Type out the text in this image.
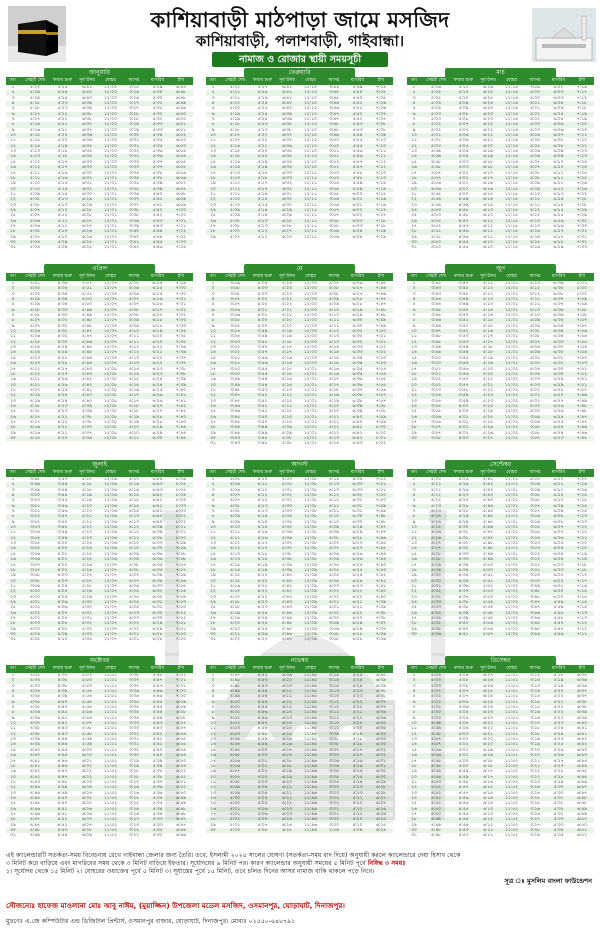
কাশিয়াবাড়ী মাঠপাড়া জামে মসজিদ
কাশিয়াবাড়ী, পলাশবাড়ী, গাইবান্ধা।
নামাজ ও রোজার স্থায়ী সময়সূচী
জানুয়ারি
তাং	সেহরী শেষ	ফজর শুরু	সূর্য উদয়	যোহর	আসর	মাগরিব	ইশা
১	৫:২০	৫:২৫	৬:৪১	১২:০০	৩:২৫	৫:২৯	৬:৪৭
২	৫:১৯	৫:২৪	৬:৪০	১২:০০	৩:২৬	৫:৩০	৬:৪৮
৩	৫:১৯	৫:২৪	৬:৪০	১২:০০	৩:২৬	৫:৩০	৬:৪৮
৪	৫:১৮	৫:২৩	৬:৩৯	১২:০০	৩:২৭	৫:৩১	৬:৪৯
৫	৫:১৮	৫:২৩	৬:৩৯	১২:০০	৩:২৭	৫:৩১	৬:৪৯
৬	৫:১৭	৫:২২	৬:৩৮	১২:০০	৩:২৮	৫:৩২	৬:৫০
৭	৫:১৭	৫:২২	৬:৩৮	১২:০০	৩:২৮	৫:৩২	৬:৫০
৮	৫:১৬	৫:২১	৬:৩৭	১২:০০	৩:২৯	৫:৩৩	৬:৫১
৯	৫:১৬	৫:২১	৬:৩৭	১২:০০	৩:২৯	৫:৩৩	৬:৫১
১০	৫:১৫	৫:২০	৬:৩৬	১২:০০	৩:৩০	৫:৩৪	৬:৫২
১১	৫:১৫	৫:২০	৬:৩৬	১২:০০	৩:৩১	৫:৩৫	৬:৫৩
১২	৫:১৪	৫:১৯	৬:৩৫	১২:০০	৩:৩১	৫:৩৫	৬:৫৩
১৩	৫:১৩	৫:১৮	৬:৩৪	১২:০০	৩:৩২	৫:৩৬	৬:৫৪
১৪	৫:১৩	৫:১৮	৬:৩৪	১২:০০	৩:৩২	৫:৩৬	৬:৫৪
১৫	৫:১২	৫:১৭	৬:৩৩	১২:০০	৩:৩৩	৫:৩৭	৬:৫৫
১৬	৫:১২	৫:১৭	৬:৩৩	১২:০০	৩:৩৩	৫:৩৭	৬:৫৫
১৭	৫:১১	৫:১৬	৬:৩২	১২:০১	৩:৩৪	৫:৩৮	৬:৫৬
১৮	৫:১১	৫:১৬	৬:৩২	১২:০১	৩:৩৪	৫:৩৮	৬:৫৬
১৯	৫:১০	৫:১৫	৬:৩১	১২:০১	৩:৩৫	৫:৩৯	৬:৫৭
২০	৫:১০	৫:১৫	৬:৩১	১২:০১	৩:৩৫	৫:৩৯	৬:৫৭
২১	৫:০৯	৫:১৪	৬:৩০	১২:০১	৩:৩৬	৫:৪০	৬:৫৮
২২	৫:০৮	৫:১৩	৬:২৯	১২:০১	৩:৩৭	৫:৪১	৬:৫৯
২৩	৫:০৮	৫:১৩	৬:২৯	১২:০১	৩:৩৭	৫:৪১	৬:৫৯
২৪	৫:০৭	৫:১২	৬:২৮	১২:০১	৩:৩৮	৫:৪২	৭:০০
২৫	৫:০৭	৫:১২	৬:২৮	১২:০১	৩:৩৮	৫:৪২	৭:০০
২৬	৫:০৬	৫:১১	৬:২৭	১২:০১	৩:৩৯	৫:৪৩	৭:০১
২৭	৫:০৬	৫:১১	৬:২৭	১২:০১	৩:৩৯	৫:৪৩	৭:০১
২৮	৫:০৫	৫:১০	৬:২৬	১২:০১	৩:৪০	৫:৪৪	৭:০২
২৯	৫:০৫	৫:১০	৬:২৬	১২:০১	৩:৪০	৫:৪৪	৭:০২
৩০	৫:০৪	৫:০৯	৬:২৫	১২:০১	৩:৪১	৫:৪৫	৭:০৩
৩১	৫:০৪	৫:০৯	৬:২৫	১২:০১	৩:৪২	৫:৪৬	৭:০৪
ফেব্রুয়ারি
তাং	সেহরী শেষ	ফজর শুরু	সূর্য উদয়	যোহর	আসর	মাগরিব	ইশা
১	৫:২২	৫:২৭	৬:৪২	১২:১০	৩:৪৪	৫:৪৯	৭:০৪
২	৫:২১	৫:২৬	৬:৪১	১২:১০	৩:৪৫	৫:৫০	৭:০৫
৩	৫:২১	৫:২৬	৬:৪১	১২:১০	৩:৪৫	৫:৫০	৭:০৫
৪	৫:২০	৫:২৫	৬:৪০	১২:১০	৩:৪৬	৫:৫১	৭:০৬
৫	৫:২০	৫:২৫	৬:৪০	১২:১০	৩:৪৬	৫:৫১	৭:০৬
৬	৫:১৯	৫:২৪	৬:৩৯	১২:১০	৩:৪৭	৫:৫২	৭:০৭
৭	৫:১৯	৫:২৪	৬:৩৯	১২:১০	৩:৪৭	৫:৫২	৭:০৭
৮	৫:১৮	৫:২৩	৬:৩৮	১২:১০	৩:৪৮	৫:৫৩	৭:০৮
৯	৫:১৮	৫:২৩	৬:৩৮	১২:১০	৩:৪৮	৫:৫৩	৭:০৮
১০	৫:১৭	৫:২২	৬:৩৭	১২:১০	৩:৪৯	৫:৫৪	৭:০৯
১১	৫:১৭	৫:২২	৬:৩৭	১২:১০	৩:৫০	৫:৫৫	৭:১০
১২	৫:১৬	৫:২১	৬:৩৬	১২:১০	৩:৫০	৫:৫৫	৭:১০
১৩	৫:১৫	৫:২০	৬:৩৫	১২:১০	৩:৫১	৫:৫৬	৭:১১
১৪	৫:১৫	৫:২০	৬:৩৫	১২:১০	৩:৫১	৫:৫৬	৭:১১
১৫	৫:১৪	৫:১৯	৬:৩৪	১২:১০	৩:৫২	৫:৫৭	৭:১২
১৬	৫:১৪	৫:১৯	৬:৩৪	১২:১০	৩:৫২	৫:৫৭	৭:১২
১৭	৫:১৩	৫:১৮	৬:৩৩	১২:১১	৩:৫৩	৫:৫৮	৭:১৩
১৮	৫:১৩	৫:১৮	৬:৩৩	১২:১১	৩:৫৩	৫:৫৮	৭:১৩
১৯	৫:১২	৫:১৭	৬:৩২	১২:১১	৩:৫৪	৫:৫৯	৭:১৪
২০	৫:১২	৫:১৭	৬:৩২	১২:১১	৩:৫৪	৫:৫৯	৭:১৪
২১	৫:১১	৫:১৬	৬:৩১	১২:১১	৩:৫৫	৬:০০	৭:১৫
২২	৫:১০	৫:১৫	৬:৩০	১২:১১	৩:৫৬	৬:০১	৭:১৬
২৩	৫:১০	৫:১৫	৬:৩০	১২:১১	৩:৫৬	৬:০১	৭:১৬
২৪	৫:০৯	৫:১৪	৬:২৯	১২:১১	৩:৫৭	৬:০২	৭:১৭
২৫	৫:০৯	৫:১৪	৬:২৯	১২:১১	৩:৫৭	৬:০২	৭:১৭
২৬	৫:০৮	৫:১৩	৬:২৮	১২:১১	৩:৫৮	৬:০৩	৭:১৮
২৭	৫:০৮	৫:১৩	৬:২৮	১২:১১	৩:৫৮	৬:০৩	৭:১৮
২৮	৫:০৭	৫:১২	৬:২৭	১২:১১	৩:৫৯	৬:০৪	৭:১৯
২৯	৫:০৭	৫:১২	৬:২৭	১২:১১	৩:৫৯	৬:০৪	৭:১৯
মার্চ
তাং	সেহরী শেষ	ফজর শুরু	সূর্য উদয়	যোহর	আসর	মাগরিব	ইশা
১	৫:০৬	৫:১১	৬:২৬	১২:১৪	৩:৫৯	৬:০২	৭:১৬
২	৫:০৫	৫:১০	৬:২৫	১২:১৪	৪:০০	৬:০৩	৭:১৭
৩	৫:০৫	৫:১০	৬:২৫	১২:১৪	৪:০০	৬:০৩	৭:১৭
৪	৫:০৪	৫:০৯	৬:২৪	১২:১৪	৪:০১	৬:০৪	৭:১৮
৫	৫:০৪	৫:০৯	৬:২৪	১২:১৪	৪:০১	৬:০৪	৭:১৮
৬	৫:০৩	৫:০৮	৬:২৩	১২:১৪	৪:০২	৬:০৫	৭:১৯
৭	৫:০৩	৫:০৮	৬:২৩	১২:১৪	৪:০২	৬:০৫	৭:১৯
৮	৫:০২	৫:০৭	৬:২২	১২:১৪	৪:০৩	৬:০৬	৭:২০
৯	৫:০২	৫:০৭	৬:২২	১২:১৪	৪:০৩	৬:০৬	৭:২০
১০	৫:০১	৫:০৬	৬:২১	১২:১৪	৪:০৪	৬:০৭	৭:২১
১১	৫:০১	৫:০৬	৬:২১	১২:১৪	৪:০৫	৬:০৮	৭:২২
১২	৫:০০	৫:০৫	৬:২০	১২:১৪	৪:০৫	৬:০৮	৭:২২
১৩	৪:৫৯	৫:০৪	৬:১৯	১২:১৪	৪:০৬	৬:০৯	৭:২৩
১৪	৪:৫৯	৫:০৪	৬:১৯	১২:১৪	৪:০৬	৬:০৯	৭:২৩
১৫	৪:৫৮	৫:০৩	৬:১৮	১২:১৪	৪:০৭	৬:১০	৭:২৪
১৬	৪:৫৮	৫:০৩	৬:১৮	১২:১৪	৪:০৭	৬:১০	৭:২৪
১৭	৪:৫৭	৫:০২	৬:১৭	১২:১৫	৪:০৮	৬:১১	৭:২৫
১৮	৪:৫৭	৫:০২	৬:১৭	১২:১৫	৪:০৮	৬:১১	৭:২৫
১৯	৪:৫৬	৫:০১	৬:১৬	১২:১৫	৪:০৯	৬:১২	৭:২৬
২০	৪:৫৬	৫:০১	৬:১৬	১২:১৫	৪:০৯	৬:১২	৭:২৬
২১	৪:৫৫	৫:০০	৬:১৫	১২:১৫	৪:১০	৬:১৩	৭:২৭
২২	৪:৫৪	৪:৫৯	৬:১৪	১২:১৫	৪:১১	৬:১৪	৭:২৮
২৩	৪:৫৪	৪:৫৯	৬:১৪	১২:১৫	৪:১১	৬:১৪	৭:২৮
২৪	৪:৫৩	৪:৫৮	৬:১৩	১২:১৫	৪:১২	৬:১৫	৭:২৯
২৫	৪:৫৩	৪:৫৮	৬:১৩	১২:১৫	৪:১২	৬:১৫	৭:২৯
২৬	৪:৫২	৪:৫৭	৬:১২	১২:১৫	৪:১৩	৬:১৬	৭:৩০
২৭	৪:৫২	৪:৫৭	৬:১২	১২:১৫	৪:১৩	৬:১৬	৭:৩০
২৮	৪:৫১	৪:৫৬	৬:১১	১২:১৫	৪:১৪	৬:১৭	৭:৩১
২৯	৪:৫১	৪:৫৬	৬:১১	১২:১৫	৪:১৪	৬:১৭	৭:৩১
৩০	৪:৫০	৪:৫৫	৬:১০	১২:১৫	৪:১৫	৬:১৮	৭:৩২
৩১	৪:৫০	৪:৫৫	৬:১০	১২:১৫	৪:১৬	৬:১৯	৭:৩৩
এপ্রিল
তাং	সেহরী শেষ	ফজর শুরু	সূর্য উদয়	যোহর	আসর	মাগরিব	ইশা
১	৪:৩১	৪:৩৬	৫:৫২	১২:০৭	৪:০৫	৬:১৪	৭:২৯
২	৪:৩০	৪:৩৫	৫:৫১	১২:০৭	৪:০৬	৬:১৫	৭:৩০
৩	৪:৩০	৪:৩৫	৫:৫১	১২:০৭	৪:০৬	৬:১৫	৭:৩০
৪	৪:২৯	৪:৩৪	৫:৫০	১২:০৭	৪:০৭	৬:১৬	৭:৩১
৫	৪:২৯	৪:৩৪	৫:৫০	১২:০৭	৪:০৭	৬:১৬	৭:৩১
৬	৪:২৮	৪:৩৩	৫:৪৯	১২:০৭	৪:০৮	৬:১৭	৭:৩২
৭	৪:২৮	৪:৩৩	৫:৪৯	১২:০৭	৪:০৮	৬:১৭	৭:৩২
৮	৪:২৭	৪:৩২	৫:৪৮	১২:০৭	৪:০৯	৬:১৮	৭:৩৩
৯	৪:২৭	৪:৩২	৫:৪৮	১২:০৭	৪:০৯	৬:১৮	৭:৩৩
১০	৪:২৬	৪:৩১	৫:৪৭	১২:০৭	৪:১০	৬:১৯	৭:৩৪
১১	৪:২৬	৪:৩১	৫:৪৭	১২:০৭	৪:১১	৬:২০	৭:৩৫
১২	৪:২৫	৪:৩০	৫:৪৬	১২:০৭	৪:১১	৬:২০	৭:৩৫
১৩	৪:২৪	৪:২৯	৫:৪৫	১২:০৭	৪:১২	৬:২১	৭:৩৬
১৪	৪:২৪	৪:২৯	৫:৪৫	১২:০৭	৪:১২	৬:২১	৭:৩৬
১৫	৪:২৩	৪:২৮	৫:৪৪	১২:০৭	৪:১৩	৬:২২	৭:৩৭
১৬	৪:২৩	৪:২৮	৫:৪৪	১২:০৭	৪:১৩	৬:২২	৭:৩৭
১৭	৪:২২	৪:২৭	৫:৪৩	১২:০৮	৪:১৪	৬:২৩	৭:৩৮
১৮	৪:২২	৪:২৭	৫:৪৩	১২:০৮	৪:১৪	৬:২৩	৭:৩৮
১৯	৪:২১	৪:২৬	৫:৪২	১২:০৮	৪:১৫	৬:২৪	৭:৩৯
২০	৪:২১	৪:২৬	৫:৪২	১২:০৮	৪:১৫	৬:২৪	৭:৩৯
২১	৪:২০	৪:২৫	৫:৪১	১২:০৮	৪:১৬	৬:২৫	৭:৪০
২২	৪:১৯	৪:২৪	৫:৪০	১২:০৮	৪:১৭	৬:২৬	৭:৪১
২৩	৪:১৯	৪:২৪	৫:৪০	১২:০৮	৪:১৭	৬:২৬	৭:৪১
২৪	৪:১৮	৪:২৩	৫:৩৯	১২:০৮	৪:১৮	৬:২৭	৭:৪২
২৫	৪:১৮	৪:২৩	৫:৩৯	১২:০৮	৪:১৮	৬:২৭	৭:৪২
২৬	৪:১৭	৪:২২	৫:৩৮	১২:০৮	৪:১৯	৬:২৮	৭:৪৩
২৭	৪:১৭	৪:২২	৫:৩৮	১২:০৮	৪:১৯	৬:২৮	৭:৪৩
২৮	৪:১৬	৪:২১	৫:৩৭	১২:০৮	৪:২০	৬:২৯	৭:৪৪
২৯	৪:১৬	৪:২১	৫:৩৭	১২:০৮	৪:২০	৬:২৯	৭:৪৪
৩০	৪:১৫	৪:২০	৫:৩৬	১২:০৮	৪:২১	৬:৩০	৭:৪৫
মে
তাং	সেহরী শেষ	ফজর শুরু	সূর্য উদয়	যোহর	আসর	মাগরিব	ইশা
১	৩:৫৯	৪:০৪	৫:২৪	১২:০০	৪:০৭	৬:২৬	৭:৪৫
২	৩:৫৮	৪:০৩	৫:২৩	১২:০০	৪:০৮	৬:২৭	৭:৪৬
৩	৩:৫৮	৪:০৩	৫:২৩	১২:০০	৪:০৮	৬:২৭	৭:৪৬
৪	৩:৫৭	৪:০২	৫:২২	১২:০০	৪:০৯	৬:২৮	৭:৪৭
৫	৩:৫৭	৪:০২	৫:২২	১২:০০	৪:০৯	৬:২৮	৭:৪৭
৬	৩:৫৬	৪:০১	৫:২১	১২:০০	৪:১০	৬:২৯	৭:৪৮
৭	৩:৫৬	৪:০১	৫:২১	১২:০০	৪:১০	৬:২৯	৭:৪৮
৮	৩:৫৫	৪:০০	৫:২০	১২:০০	৪:১১	৬:৩০	৭:৪৯
৯	৩:৫৫	৪:০০	৫:২০	১২:০০	৪:১১	৬:৩০	৭:৪৯
১০	৩:৫৪	৩:৫৯	৫:১৯	১২:০০	৪:১২	৬:৩১	৭:৫০
১১	৩:৫৪	৩:৫৯	৫:১৯	১২:০০	৪:১৩	৬:৩২	৭:৫১
১২	৩:৫৩	৩:৫৮	৫:১৮	১২:০০	৪:১৩	৬:৩২	৭:৫১
১৩	৩:৫২	৩:৫৭	৫:১৭	১২:০০	৪:১৪	৬:৩৩	৭:৫২
১৪	৩:৫২	৩:৫৭	৫:১৭	১২:০০	৪:১৪	৬:৩৩	৭:৫২
১৫	৩:৫১	৩:৫৬	৫:১৬	১২:০০	৪:১৫	৬:৩৪	৭:৫৩
১৬	৩:৫১	৩:৫৬	৫:১৬	১২:০০	৪:১৫	৬:৩৪	৭:৫৩
১৭	৩:৫০	৩:৫৫	৫:১৫	১২:০১	৪:১৬	৬:৩৫	৭:৫৪
১৮	৩:৫০	৩:৫৫	৫:১৫	১২:০১	৪:১৬	৬:৩৫	৭:৫৪
১৯	৩:৪৯	৩:৫৪	৫:১৪	১২:০১	৪:১৭	৬:৩৬	৭:৫৫
২০	৩:৪৯	৩:৫৪	৫:১৪	১২:০১	৪:১৭	৬:৩৬	৭:৫৫
২১	৩:৪৮	৩:৫৩	৫:১৩	১২:০১	৪:১৮	৬:৩৭	৭:৫৬
২২	৩:৪৭	৩:৫২	৫:১২	১২:০১	৪:১৯	৬:৩৮	৭:৫৭
২৩	৩:৪৭	৩:৫২	৫:১২	১২:০১	৪:১৯	৬:৩৮	৭:৫৭
২৪	৩:৪৬	৩:৫১	৫:১১	১২:০১	৪:২০	৬:৩৯	৭:৫৮
২৫	৩:৪৬	৩:৫১	৫:১১	১২:০১	৪:২০	৬:৩৯	৭:৫৮
২৬	৩:৪৫	৩:৫০	৫:১০	১২:০১	৪:২১	৬:৪০	৭:৫৯
২৭	৩:৪৫	৩:৫০	৫:১০	১২:০১	৪:২১	৬:৪০	৭:৫৯
২৮	৩:৪৪	৩:৪৯	৫:০৯	১২:০১	৪:২২	৬:৪১	৮:০০
২৯	৩:৪৪	৩:৪৯	৫:০৯	১২:০১	৪:২২	৬:৪১	৮:০০
৩০	৩:৪৩	৩:৪৮	৫:০৮	১২:০১	৪:২৩	৬:৪২	৮:০১
৩১	৩:৪৩	৩:৪৮	৫:০৮	১২:০১	৪:২৪	৬:৪৩	৮:০২
জুন
তাং	সেহরী শেষ	ফজর শুরু	সূর্য উদয়	যোহর	আসর	মাগরিব	ইশা
১	৩:৪২	৩:৪৭	৫:১১	১২:০১	৪:১৩	৬:৩৯	৮:০১
২	৩:৪৩	৩:৪৮	৫:১২	১২:০১	৪:১২	৬:৩৮	৮:০০
৩	৩:৪৩	৩:৪৮	৫:১২	১২:০১	৪:১২	৬:৩৮	৮:০০
৪	৩:৪৪	৩:৪৯	৫:১৩	১২:০১	৪:১১	৬:৩৭	৭:৫৯
৫	৩:৪৪	৩:৪৯	৫:১৩	১২:০১	৪:১১	৬:৩৭	৭:৫৯
৬	৩:৪৫	৩:৫০	৫:১৪	১২:০১	৪:১০	৬:৩৬	৭:৫৮
৭	৩:৪৫	৩:৫০	৫:১৪	১২:০১	৪:১০	৬:৩৬	৭:৫৮
৮	৩:৪৬	৩:৫১	৫:১৫	১২:০১	৪:০৯	৬:৩৫	৭:৫৭
৯	৩:৪৬	৩:৫১	৫:১৫	১২:০১	৪:০৯	৬:৩৫	৭:৫৭
১০	৩:৪৭	৩:৫২	৫:১৬	১২:০১	৪:০৮	৬:৩৪	৭:৫৬
১১	৩:৪৮	৩:৫৩	৫:১৭	১২:০১	৪:০৮	৬:৩৪	৭:৫৬
১২	৩:৪৮	৩:৫৩	৫:১৭	১২:০১	৪:০৭	৬:৩৩	৭:৫৫
১৩	৩:৪৯	৩:৫৪	৫:১৮	১২:০১	৪:০৬	৬:৩২	৭:৫৪
১৪	৩:৪৯	৩:৫৪	৫:১৮	১২:০১	৪:০৬	৬:৩২	৭:৫৪
১৫	৩:৫০	৩:৫৫	৫:১৯	১২:০১	৪:০৫	৬:৩১	৭:৫৩
১৬	৩:৫০	৩:৫৫	৫:১৯	১২:০১	৪:০৫	৬:৩১	৭:৫৩
১৭	৩:৫১	৩:৫৬	৫:২০	১২:০২	৪:০৪	৬:৩০	৭:৫২
১৮	৩:৫১	৩:৫৬	৫:২০	১২:০২	৪:০৪	৬:৩০	৭:৫২
১৯	৩:৫২	৩:৫৭	৫:২১	১২:০২	৪:০৩	৬:২৯	৭:৫১
২০	৩:৫২	৩:৫৭	৫:২১	১২:০২	৪:০৩	৬:২৯	৭:৫১
২১	৩:৫৩	৩:৫৮	৫:২২	১২:০২	৪:০২	৬:২৮	৭:৫০
২২	৩:৫৪	৩:৫৯	৫:২৩	১২:০২	৪:০১	৬:২৭	৭:৪৯
২৩	৩:৫৪	৩:৫৯	৫:২৩	১২:০২	৪:০১	৬:২৭	৭:৪৯
২৪	৩:৫৫	৪:০০	৫:২৪	১২:০২	৪:০০	৬:২৬	৭:৪৮
২৫	৩:৫৫	৪:০০	৫:২৪	১২:০২	৪:০০	৬:২৬	৭:৪৮
২৬	৩:৫৬	৪:০১	৫:২৫	১২:০২	৩:৫৯	৬:২৫	৭:৪৭
২৭	৩:৫৬	৪:০১	৫:২৫	১২:০২	৩:৫৯	৬:২৫	৭:৪৭
২৮	৩:৫৭	৪:০২	৫:২৬	১২:০২	৩:৫৮	৬:২৪	৭:৪৬
২৯	৩:৫৭	৪:০২	৫:২৬	১২:০২	৩:৫৮	৬:২৪	৭:৪৬
৩০	৩:৫৮	৪:০৩	৫:২৭	১২:০২	৩:৫৭	৬:২৩	৭:৪৫
জুলাই
তাং	সেহরী শেষ	ফজর শুরু	সূর্য উদয়	যোহর	আসর	মাগরিব	ইশা
১	৩:৪৮	৩:৫৩	৫:১৭	১২:০৬	৪:১৭	৬:৪৪	৮:০৬
২	৩:৪৯	৩:৫৪	৫:১৮	১২:০৬	৪:১৬	৬:৪৩	৮:০৫
৩	৩:৪৯	৩:৫৪	৫:১৮	১২:০৬	৪:১৬	৬:৪৩	৮:০৫
৪	৩:৫০	৩:৫৫	৫:১৯	১২:০৬	৪:১৫	৬:৪২	৮:০৪
৫	৩:৫০	৩:৫৫	৫:১৯	১২:০৬	৪:১৫	৬:৪২	৮:০৪
৬	৩:৫১	৩:৫৬	৫:২০	১২:০৬	৪:১৪	৬:৪১	৮:০৩
৭	৩:৫১	৩:৫৬	৫:২০	১২:০৬	৪:১৪	৬:৪১	৮:০৩
৮	৩:৫২	৩:৫৭	৫:২১	১২:০৬	৪:১৩	৬:৪০	৮:০২
৯	৩:৫২	৩:৫৭	৫:২১	১২:০৬	৪:১৩	৬:৪০	৮:০২
১০	৩:৫৩	৩:৫৮	৫:২২	১২:০৬	৪:১২	৬:৩৯	৮:০১
১১	৩:৫৪	৩:৫৯	৫:২৩	১২:০৬	৪:১২	৬:৩৯	৮:০১
১২	৩:৫৪	৩:৫৯	৫:২৩	১২:০৬	৪:১১	৬:৩৮	৮:০০
১৩	৩:৫৫	৪:০০	৫:২৪	১২:০৬	৪:১০	৬:৩৭	৭:৫৯
১৪	৩:৫৫	৪:০০	৫:২৪	১২:০৬	৪:১০	৬:৩৭	৭:৫৯
১৫	৩:৫৬	৪:০১	৫:২৫	১২:০৬	৪:০৯	৬:৩৬	৭:৫৮
১৬	৩:৫৬	৪:০১	৫:২৫	১২:০৬	৪:০৯	৬:৩৬	৭:৫৮
১৭	৩:৫৭	৪:০২	৫:২৬	১২:০৭	৪:০৮	৬:৩৫	৭:৫৭
১৮	৩:৫৭	৪:০২	৫:২৬	১২:০৭	৪:০৮	৬:৩৫	৭:৫৭
১৯	৩:৫৮	৪:০৩	৫:২৭	১২:০৭	৪:০৭	৬:৩৪	৭:৫৬
২০	৩:৫৮	৪:০৩	৫:২৭	১২:০৭	৪:০৭	৬:৩৪	৭:৫৬
২১	৩:৫৯	৪:০৪	৫:২৮	১২:০৭	৪:০৬	৬:৩৩	৭:৫৫
২২	৪:০০	৪:০৫	৫:২৯	১২:০৭	৪:০৫	৬:৩২	৭:৫৪
২৩	৪:০০	৪:০৫	৫:২৯	১২:০৭	৪:০৫	৬:৩২	৭:৫৪
২৪	৪:০১	৪:০৬	৫:৩০	১২:০৭	৪:০৪	৬:৩১	৭:৫৩
২৫	৪:০১	৪:০৬	৫:৩০	১২:০৭	৪:০৪	৬:৩১	৭:৫৩
২৬	৪:০২	৪:০৭	৫:৩১	১২:০৭	৪:০৩	৬:৩০	৭:৫২
২৭	৪:০২	৪:০৭	৫:৩১	১২:০৭	৪:০৩	৬:৩০	৭:৫২
২৮	৪:০৩	৪:০৮	৫:৩২	১২:০৭	৪:০২	৬:২৯	৭:৫১
২৯	৪:০৩	৪:০৮	৫:৩২	১২:০৭	৪:০২	৬:২৯	৭:৫১
৩০	৪:০৪	৪:০৯	৫:৩৩	১২:০৭	৪:০১	৬:২৮	৭:৫০
৩১	৪:০৫	৪:১০	৫:৩৪	১২:০৭	৪:০১	৬:২৮	৭:৫০
আগস্ট
তাং	সেহরী শেষ	ফজর শুরু	সূর্য উদয়	যোহর	আসর	মাগরিব	ইশা
১	৪:০৫	৪:১০	৫:৩০	১২:০৮	৪:১৪	৬:৩৪	৭:৫২
২	৪:০৬	৪:১১	৫:৩১	১২:০৮	৪:১৩	৬:৩৩	৭:৫১
৩	৪:০৬	৪:১১	৫:৩১	১২:০৮	৪:১৩	৬:৩৩	৭:৫১
৪	৪:০৭	৪:১২	৫:৩২	১২:০৮	৪:১২	৬:৩২	৭:৫০
৫	৪:০৭	৪:১২	৫:৩২	১২:০৮	৪:১২	৬:৩২	৭:৫০
৬	৪:০৮	৪:১৩	৫:৩৩	১২:০৮	৪:১১	৬:৩১	৭:৪৯
৭	৪:০৮	৪:১৩	৫:৩৩	১২:০৮	৪:১১	৬:৩১	৭:৪৯
৮	৪:০৯	৪:১৪	৫:৩৪	১২:০৮	৪:১০	৬:৩০	৭:৪৮
৯	৪:০৯	৪:১৪	৫:৩৪	১২:০৮	৪:১০	৬:৩০	৭:৪৮
১০	৪:১০	৪:১৫	৫:৩৫	১২:০৮	৪:০৯	৬:২৯	৭:৪৭
১১	৪:১১	৪:১৬	৫:৩৬	১২:০৮	৪:০৯	৬:২৯	৭:৪৭
১২	৪:১১	৪:১৬	৫:৩৬	১২:০৮	৪:০৮	৬:২৮	৭:৪৬
১৩	৪:১২	৪:১৭	৫:৩৭	১২:০৮	৪:০৭	৬:২৭	৭:৪৫
১৪	৪:১২	৪:১৭	৫:৩৭	১২:০৮	৪:০৭	৬:২৭	৭:৪৫
১৫	৪:১৩	৪:১৮	৫:৩৮	১২:০৮	৪:০৬	৬:২৬	৭:৪৪
১৬	৪:১৩	৪:১৮	৫:৩৮	১২:০৮	৪:০৬	৬:২৬	৭:৪৪
১৭	৪:১৪	৪:১৯	৫:৩৯	১২:০৯	৪:০৫	৬:২৫	৭:৪৩
১৮	৪:১৪	৪:১৯	৫:৩৯	১২:০৯	৪:০৫	৬:২৫	৭:৪৩
১৯	৪:১৫	৪:২০	৫:৪০	১২:০৯	৪:০৪	৬:২৪	৭:৪২
২০	৪:১৫	৪:২০	৫:৪০	১২:০৯	৪:০৪	৬:২৪	৭:৪২
২১	৪:১৬	৪:২১	৫:৪১	১২:০৯	৪:০৩	৬:২৩	৭:৪১
২২	৪:১৭	৪:২২	৫:৪২	১২:০৯	৪:০২	৬:২২	৭:৪০
২৩	৪:১৭	৪:২২	৫:৪২	১২:০৯	৪:০২	৬:২২	৭:৪০
২৪	৪:১৮	৪:২৩	৫:৪৩	১২:০৯	৪:০১	৬:২১	৭:৩৯
২৫	৪:১৮	৪:২৩	৫:৪৩	১২:০৯	৪:০১	৬:২১	৭:৩৯
২৬	৪:১৯	৪:২৪	৫:৪৪	১২:০৯	৪:০০	৬:২০	৭:৩৮
২৭	৪:১৯	৪:২৪	৫:৪৪	১২:০৯	৪:০০	৬:২০	৭:৩৮
২৮	৪:২০	৪:২৫	৫:৪৫	১২:০৯	৩:৫৯	৬:১৯	৭:৩৭
২৯	৪:২০	৪:২৫	৫:৪৫	১২:০৯	৩:৫৯	৬:১৯	৭:৩৭
৩০	৪:২১	৪:২৬	৫:৪৬	১২:০৯	৩:৫৮	৬:১৮	৭:৩৬
৩১	৪:২২	৪:২৭	৫:৪৭	১২:০৯	৩:৫৮	৬:১৮	৭:৩৬
সেপ্টেম্বর
তাং	সেহরী শেষ	ফজর শুরু	সূর্য উদয়	যোহর	আসর	মাগরিব	ইশা
১	৪:২০	৪:২৫	৫:৪১	১২:০১	৪:০০	৬:১২	৭:২৭
২	৪:২১	৪:২৬	৫:৪২	১২:০১	৩:৫৯	৬:১১	৭:২৬
৩	৪:২১	৪:২৬	৫:৪২	১২:০১	৩:৫৯	৬:১১	৭:২৬
৪	৪:২২	৪:২৭	৫:৪৩	১২:০১	৩:৫৮	৬:১০	৭:২৫
৫	৪:২২	৪:২৭	৫:৪৩	১২:০১	৩:৫৮	৬:১০	৭:২৫
৬	৪:২৩	৪:২৮	৫:৪৪	১২:০১	৩:৫৭	৬:০৯	৭:২৪
৭	৪:২৩	৪:২৮	৫:৪৪	১২:০১	৩:৫৭	৬:০৯	৭:২৪
৮	৪:২৪	৪:২৯	৫:৪৫	১২:০১	৩:৫৬	৬:০৮	৭:২৩
৯	৪:২৪	৪:২৯	৫:৪৫	১২:০১	৩:৫৬	৬:০৮	৭:২৩
১০	৪:২৫	৪:৩০	৫:৪৬	১২:০১	৩:৫৫	৬:০৭	৭:২২
১১	৪:২৬	৪:৩১	৫:৪৭	১২:০১	৩:৫৫	৬:০৭	৭:২২
১২	৪:২৬	৪:৩১	৫:৪৭	১২:০১	৩:৫৪	৬:০৬	৭:২১
১৩	৪:২৭	৪:৩২	৫:৪৮	১২:০১	৩:৫৩	৬:০৫	৭:২০
১৪	৪:২৭	৪:৩২	৫:৪৮	১২:০১	৩:৫৩	৬:০৫	৭:২০
১৫	৪:২৮	৪:৩৩	৫:৪৯	১২:০১	৩:৫২	৬:০৪	৭:১৯
১৬	৪:২৮	৪:৩৩	৫:৪৯	১২:০১	৩:৫২	৬:০৪	৭:১৯
১৭	৪:২৯	৪:৩৪	৫:৫০	১২:০২	৩:৫১	৬:০৩	৭:১৮
১৮	৪:২৯	৪:৩৪	৫:৫০	১২:০২	৩:৫১	৬:০৩	৭:১৮
১৯	৪:৩০	৪:৩৫	৫:৫১	১২:০২	৩:৫০	৬:০২	৭:১৭
২০	৪:৩০	৪:৩৫	৫:৫১	১২:০২	৩:৫০	৬:০২	৭:১৭
২১	৪:৩১	৪:৩৬	৫:৫২	১২:০২	৩:৪৯	৬:০১	৭:১৬
২২	৪:৩২	৪:৩৭	৫:৫৩	১২:০২	৩:৪৮	৬:০০	৭:১৫
২৩	৪:৩২	৪:৩৭	৫:৫৩	১২:০২	৩:৪৮	৬:০০	৭:১৫
২৪	৪:৩৩	৪:৩৮	৫:৫৪	১২:০২	৩:৪৭	৫:৫৯	৭:১৪
২৫	৪:৩৩	৪:৩৮	৫:৫৪	১২:০২	৩:৪৭	৫:৫৯	৭:১৪
২৬	৪:৩৪	৪:৩৯	৫:৫৫	১২:০২	৩:৪৬	৫:৫৮	৭:১৩
২৭	৪:৩৪	৪:৩৯	৫:৫৫	১২:০২	৩:৪৬	৫:৫৮	৭:১৩
২৮	৪:৩৫	৪:৪০	৫:৫৬	১২:০২	৩:৪৫	৫:৫৭	৭:১২
২৯	৪:৩৫	৪:৪০	৫:৫৬	১২:০২	৩:৪৫	৫:৫৭	৭:১২
৩০	৪:৩৬	৪:৪১	৫:৫৭	১২:০২	৩:৪৪	৫:৫৬	৭:১১
অক্টোবর
তাং	সেহরী শেষ	ফজর শুরু	সূর্য উদয়	যোহর	আসর	মাগরিব	ইশা
১	৪:৩২	৪:৩৭	৫:৫২	১১:৫১	৩:৩৮	৫:৪৮	৭:০২
২	৪:৩৩	৪:৩৮	৫:৫৩	১১:৫১	৩:৩৭	৫:৪৭	৭:০১
৩	৪:৩৩	৪:৩৮	৫:৫৩	১১:৫১	৩:৩৭	৫:৪৭	৭:০১
৪	৪:৩৪	৪:৩৯	৫:৫৪	১১:৫১	৩:৩৬	৫:৪৬	৭:০০
৫	৪:৩৪	৪:৩৯	৫:৫৪	১১:৫১	৩:৩৬	৫:৪৬	৭:০০
৬	৪:৩৫	৪:৪০	৫:৫৫	১১:৫১	৩:৩৫	৫:৪৫	৬:৫৯
৭	৪:৩৫	৪:৪০	৫:৫৫	১১:৫১	৩:৩৫	৫:৪৫	৬:৫৯
৮	৪:৩৬	৪:৪১	৫:৫৬	১১:৫১	৩:৩৪	৫:৪৪	৬:৫৮
৯	৪:৩৬	৪:৪১	৫:৫৬	১১:৫১	৩:৩৪	৫:৪৪	৬:৫৮
১০	৪:৩৭	৪:৪২	৫:৫৭	১১:৫১	৩:৩৩	৫:৪৩	৬:৫৭
১১	৪:৩৮	৪:৪৩	৫:৫৮	১১:৫১	৩:৩৩	৫:৪৩	৬:৫৭
১২	৪:৩৮	৪:৪৩	৫:৫৮	১১:৫১	৩:৩২	৫:৪২	৬:৫৬
১৩	৪:৩৯	৪:৪৪	৫:৫৯	১১:৫১	৩:৩১	৫:৪১	৬:৫৫
১৪	৪:৩৯	৪:৪৪	৫:৫৯	১১:৫১	৩:৩১	৫:৪১	৬:৫৫
১৫	৪:৪০	৪:৪৫	৬:০০	১১:৫১	৩:৩০	৫:৪০	৬:৫৪
১৬	৪:৪০	৪:৪৫	৬:০০	১১:৫১	৩:৩০	৫:৪০	৬:৫৪
১৭	৪:৪১	৪:৪৬	৬:০১	১১:৫২	৩:২৯	৫:৩৯	৬:৫৩
১৮	৪:৪১	৪:৪৬	৬:০১	১১:৫২	৩:২৯	৫:৩৯	৬:৫৩
১৯	৪:৪২	৪:৪৭	৬:০২	১১:৫২	৩:২৮	৫:৩৮	৬:৫২
২০	৪:৪২	৪:৪৭	৬:০২	১১:৫২	৩:২৮	৫:৩৮	৬:৫২
২১	৪:৪৩	৪:৪৮	৬:০৩	১১:৫২	৩:২৭	৫:৩৭	৬:৫১
২২	৪:৪৪	৪:৪৯	৬:০৪	১১:৫২	৩:২৬	৫:৩৬	৬:৫০
২৩	৪:৪৪	৪:৪৯	৬:০৪	১১:৫২	৩:২৬	৫:৩৬	৬:৫০
২৪	৪:৪৫	৪:৫০	৬:০৫	১১:৫২	৩:২৫	৫:৩৫	৬:৪৯
২৫	৪:৪৫	৪:৫০	৬:০৫	১১:৫২	৩:২৫	৫:৩৫	৬:৪৯
২৬	৪:৪৬	৪:৫১	৬:০৬	১১:৫২	৩:২৪	৫:৩৪	৬:৪৮
২৭	৪:৪৬	৪:৫১	৬:০৬	১১:৫২	৩:২৪	৫:৩৪	৬:৪৮
২৮	৪:৪৭	৪:৫২	৬:০৭	১১:৫২	৩:২৩	৫:৩৩	৬:৪৭
২৯	৪:৪৭	৪:৫২	৬:০৭	১১:৫২	৩:২৩	৫:৩৩	৬:৪৭
৩০	৪:৪৮	৪:৫৩	৬:০৮	১১:৫২	৩:২২	৫:৩২	৬:৪৬
৩১	৪:৪৯	৪:৫৪	৬:০৯	১১:৫২	৩:২২	৫:৩২	৬:৪৬
নভেম্বর
তাং	সেহরী শেষ	ফজর শুরু	সূর্য উদয়	যোহর	আসর	মাগরিব	ইশা
১	৪:৪৭	৪:৫২	৬:০৯	১১:৪৫	৩:১৫	৫:২৫	৬:৪০
২	৪:৪৮	৪:৫৩	৬:১০	১১:৪৫	৩:১৪	৫:২৪	৬:৩৯
৩	৪:৪৮	৪:৫৩	৬:১০	১১:৪৫	৩:১৪	৫:২৪	৬:৩৯
৪	৪:৪৯	৪:৫৪	৬:১১	১১:৪৫	৩:১৩	৫:২৩	৬:৩৮
৫	৪:৪৯	৪:৫৪	৬:১১	১১:৪৫	৩:১৩	৫:২৩	৬:৩৮
৬	৪:৫০	৪:৫৫	৬:১২	১১:৪৫	৩:১২	৫:২২	৬:৩৭
৭	৪:৫০	৪:৫৫	৬:১২	১১:৪৫	৩:১২	৫:২২	৬:৩৭
৮	৪:৫১	৪:৫৬	৬:১৩	১১:৪৫	৩:১১	৫:২১	৬:৩৬
৯	৪:৫১	৪:৫৬	৬:১৩	১১:৪৫	৩:১১	৫:২১	৬:৩৬
১০	৪:৫২	৪:৫৭	৬:১৪	১১:৪৫	৩:১০	৫:২০	৬:৩৫
১১	৪:৫৩	৪:৫৮	৬:১৫	১১:৪৫	৩:১০	৫:২০	৬:৩৫
১২	৪:৫৩	৪:৫৮	৬:১৫	১১:৪৫	৩:০৯	৫:১৯	৬:৩৪
১৩	৪:৫৪	৪:৫৯	৬:১৬	১১:৪৫	৩:০৮	৫:১৮	৬:৩৩
১৪	৪:৫৪	৪:৫৯	৬:১৬	১১:৪৫	৩:০৮	৫:১৮	৬:৩৩
১৫	৪:৫৫	৫:০০	৬:১৭	১১:৪৫	৩:০৭	৫:১৭	৬:৩২
১৬	৪:৫৫	৫:০০	৬:১৭	১১:৪৫	৩:০৭	৫:১৭	৬:৩২
১৭	৪:৫৬	৫:০১	৬:১৮	১১:৪৬	৩:০৬	৫:১৬	৬:৩১
১৮	৪:৫৬	৫:০১	৬:১৮	১১:৪৬	৩:০৬	৫:১৬	৬:৩১
১৯	৪:৫৭	৫:০২	৬:১৯	১১:৪৬	৩:০৫	৫:১৫	৬:৩০
২০	৪:৫৭	৫:০২	৬:১৯	১১:৪৬	৩:০৫	৫:১৫	৬:৩০
২১	৪:৫৮	৫:০৩	৬:২০	১১:৪৬	৩:০৪	৫:১৪	৬:২৯
২২	৪:৫৯	৫:০৪	৬:২১	১১:৪৬	৩:০৩	৫:১৩	৬:২৮
২৩	৪:৫৯	৫:০৪	৬:২১	১১:৪৬	৩:০৩	৫:১৩	৬:২৮
২৪	৫:০০	৫:০৫	৬:২২	১১:৪৬	৩:০২	৫:১২	৬:২৭
২৫	৫:০০	৫:০৫	৬:২২	১১:৪৬	৩:০২	৫:১২	৬:২৭
২৬	৫:০১	৫:০৬	৬:২৩	১১:৪৬	৩:০১	৫:১১	৬:২৬
২৭	৫:০১	৫:০৬	৬:২৩	১১:৪৬	৩:০১	৫:১১	৬:২৬
২৮	৫:০২	৫:০৭	৬:২৪	১১:৪৬	৩:০০	৫:১০	৬:২৫
২৯	৫:০২	৫:০৭	৬:২৪	১১:৪৬	৩:০০	৫:১০	৬:২৫
৩০	৫:০৩	৫:০৮	৬:২৫	১১:৪৬	২:৫৯	৫:০৯	৬:২৪
ডিসেম্বর
তাং	সেহরী শেষ	ফজর শুরু	সূর্য উদয়	যোহর	আসর	মাগরিব	ইশা
১	৫:০৪	৫:০৯	৬:২৭	১১:৫১	৩:১২	৫:১৮	৬:৩৫
২	৫:০৩	৫:০৮	৬:২৬	১১:৫১	৩:১৩	৫:১৯	৬:৩৬
৩	৫:০৩	৫:০৮	৬:২৬	১১:৫১	৩:১৩	৫:১৯	৬:৩৬
৪	৫:০২	৫:০৭	৬:২৫	১১:৫১	৩:১৪	৫:২০	৬:৩৭
৫	৫:০২	৫:০৭	৬:২৫	১১:৫১	৩:১৪	৫:২০	৬:৩৭
৬	৫:০১	৫:০৬	৬:২৪	১১:৫১	৩:১৫	৫:২১	৬:৩৮
৭	৫:০১	৫:০৬	৬:২৪	১১:৫১	৩:১৫	৫:২১	৬:৩৮
৮	৫:০০	৫:০৫	৬:২৩	১১:৫১	৩:১৬	৫:২২	৬:৩৯
৯	৫:০০	৫:০৫	৬:২৩	১১:৫১	৩:১৬	৫:২২	৬:৩৯
১০	৪:৫৯	৫:০৪	৬:২২	১১:৫১	৩:১৭	৫:২৩	৬:৪০
১১	৪:৫৯	৫:০৪	৬:২২	১১:৫১	৩:১৮	৫:২৪	৬:৪১
১২	৪:৫৮	৫:০৩	৬:২১	১১:৫১	৩:১৮	৫:২৪	৬:৪১
১৩	৪:৫৭	৫:০২	৬:২০	১১:৫১	৩:১৯	৫:২৫	৬:৪২
১৪	৪:৫৭	৫:০২	৬:২০	১১:৫১	৩:১৯	৫:২৫	৬:৪২
১৫	৪:৫৬	৫:০১	৬:১৯	১১:৫১	৩:২০	৫:২৬	৬:৪৩
১৬	৪:৫৬	৫:০১	৬:১৯	১১:৫১	৩:২০	৫:২৬	৬:৪৩
১৭	৪:৫৫	৫:০০	৬:১৮	১১:৫২	৩:২১	৫:২৭	৬:৪৪
১৮	৪:৫৫	৫:০০	৬:১৮	১১:৫২	৩:২১	৫:২৭	৬:৪৪
১৯	৪:৫৪	৪:৫৯	৬:১৭	১১:৫২	৩:২২	৫:২৮	৬:৪৫
২০	৪:৫৪	৪:৫৯	৬:১৭	১১:৫২	৩:২২	৫:২৮	৬:৪৫
২১	৪:৫৩	৪:৫৮	৬:১৬	১১:৫২	৩:২৩	৫:২৯	৬:৪৬
২২	৪:৫২	৪:৫৭	৬:১৫	১১:৫২	৩:২৪	৫:৩০	৬:৪৭
২৩	৪:৫২	৪:৫৭	৬:১৫	১১:৫২	৩:২৪	৫:৩০	৬:৪৭
২৪	৪:৫১	৪:৫৬	৬:১৪	১১:৫২	৩:২৫	৫:৩১	৬:৪৮
২৫	৪:৫১	৪:৫৬	৬:১৪	১১:৫২	৩:২৫	৫:৩১	৬:৪৮
২৬	৪:৫০	৪:৫৫	৬:১৩	১১:৫২	৩:২৬	৫:৩২	৬:৪৯
২৭	৪:৫০	৪:৫৫	৬:১৩	১১:৫২	৩:২৬	৫:৩২	৬:৪৯
২৮	৪:৪৯	৪:৫৪	৬:১২	১১:৫২	৩:২৭	৫:৩৩	৬:৫০
২৯	৪:৪৯	৪:৫৪	৬:১২	১১:৫২	৩:২৭	৫:৩৩	৬:৫০
৩০	৪:৪৮	৪:৫৩	৬:১১	১১:৫২	৩:২৮	৫:৩৪	৬:৫১
৩১	৪:৪৮	৪:৫৩	৬:১১	১১:৫২	৩:২৯	৫:৩৫	৬:৫২
এই ক্যালেন্ডারটি সতর্কতা-সময় বিবেচনায় রেখে গাইবান্ধা জেলার জন্য তৈরি। তবে, ইসলামী ২০২৫ সালের ঘোষণা (সতর্কতা-সময় বাদ দিয়ে) অনুযায়ী করলে ক্যালেন্ডারে দেয়া হিসাব থেকে
৩ মিনিট করে বাড়িয়ে এবং মাগরিবের সময় থেকে ৩ মিনিট বাড়িয়ে ইফতার। সূর্যোদয়ের ৯ মিনিট পর। কারণ ক্যালেন্ডার অনুযায়ী সময়ের ৫ মিনিট পূর্বে নিষিদ্ধ ৩ সময়ঃ
১। সূর্যোদয় থেকে ১৫ মিনিট ২। যোহরের ওয়াক্তের পূর্বে ৫ মিনিট ৩। সূর্যাস্তের পূর্বে ১৫ মিনিট, তবে চলিত দিনের আসর নামাজ বাকি থাকলে পড়ে নিবে।
সূত্র ঃ মুসলিম বাংলা ফাউন্ডেশন
সৌজন্যেঃ হাফেজ মাওলানা মোঃ আবু নাঈম, (মুয়াজ্জিন) উপজেলা মডেল মসজিদ, ওসমানপুর, ঘোড়াঘাট, দিনাজপুর।
মুদ্রণেঃ এ.জে কম্পিউটার এন্ড ডিজিটাল প্রিন্টার্স, ওসমানপুর বাজার, ঘোড়াঘাট, দিনাজপুর। মোবাঃ ০১৫৫০-৬৪৮৭৯১
